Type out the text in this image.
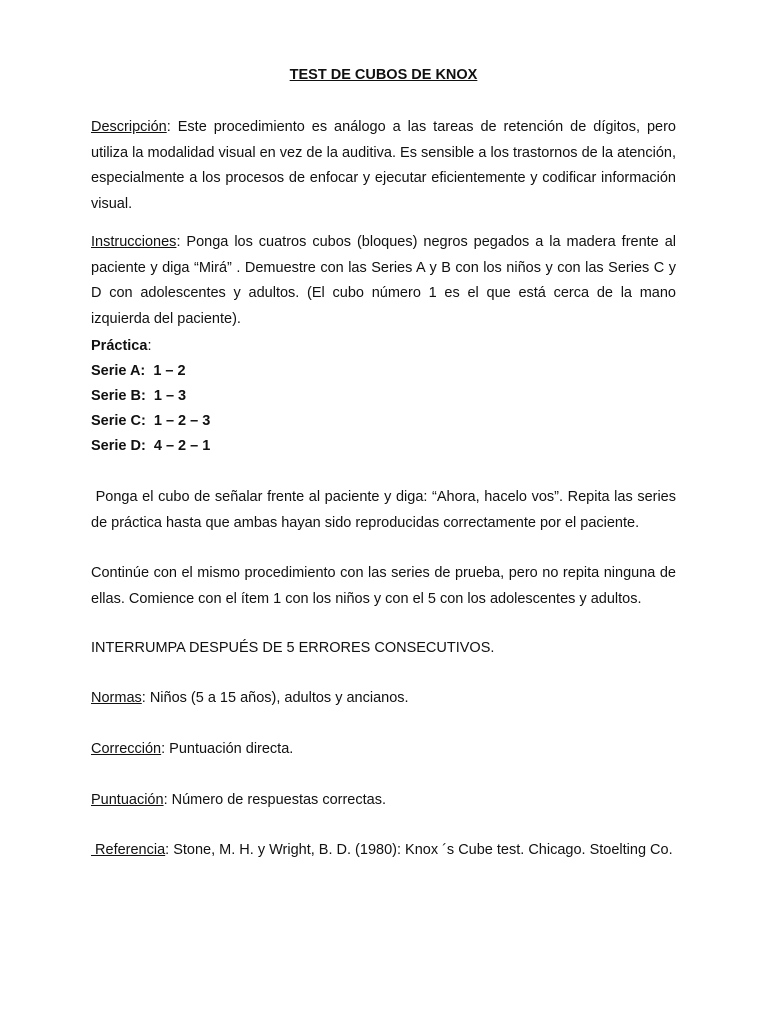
TEST DE CUBOS DE KNOX

Descripción: Este procedimiento es análogo a las tareas de retención de dígitos, pero utiliza la modalidad visual en vez de la auditiva. Es sensible a los trastornos de la atención, especialmente a los procesos de enfocar y ejecutar eficientemente y codificar información visual.

Instrucciones: Ponga los cuatros cubos (bloques) negros pegados a la madera frente al paciente y diga “Mirá” . Demuestre con las Series A y B con los niños y con las Series C y D con adolescentes y adultos. (El cubo número 1 es el que está cerca de la mano izquierda del paciente).

Práctica:
Serie A: 1 – 2
Serie B: 1 – 3
Serie C: 1 – 2 – 3
Serie D: 4 – 2 – 1

Ponga el cubo de señalar frente al paciente y diga: “Ahora, hacelo vos”. Repita las series de práctica hasta que ambas hayan sido reproducidas correctamente por el paciente.

Continúe con el mismo procedimiento con las series de prueba, pero no repita ninguna de ellas. Comience con el ítem 1 con los niños y con el 5 con los adolescentes y adultos.

INTERRUMPA DESPUÉS DE 5 ERRORES CONSECUTIVOS.
Normas: Niños (5 a 15 años), adultos y ancianos.
Corrección: Puntuación directa.
Puntuación: Número de respuestas correctas.

Referencia: Stone, M. H. y Wright, B. D. (1980): Knox ´s Cube test. Chicago. Stoelting Co.
